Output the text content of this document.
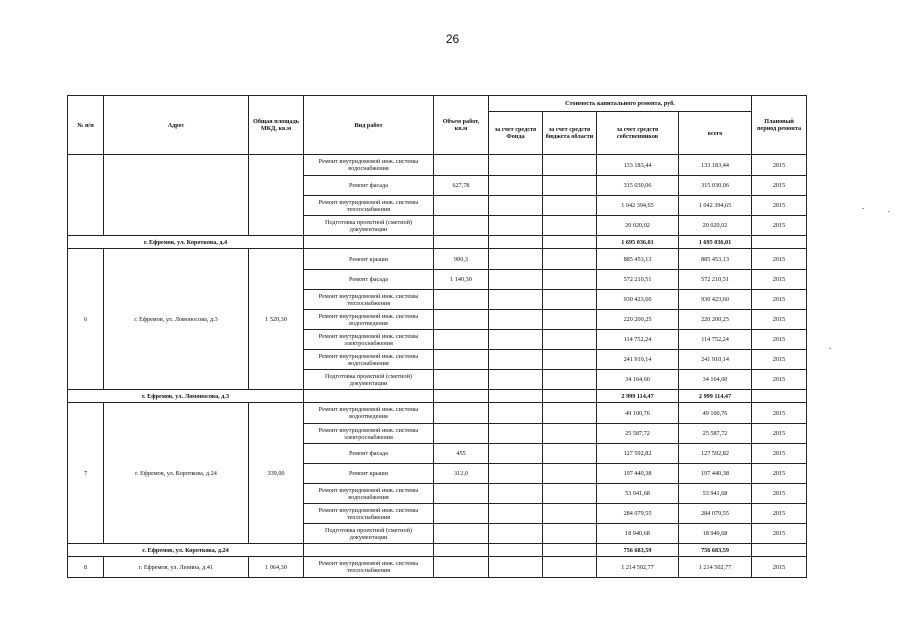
26
№ п/п	Адрес	Общая площадь МКД, кв.м	Вид работ	Объем работ, кв.м	Стоимость капитального ремонта, руб.				Плановый период ремонта
					за счет средств Фонда	за счет средств бюджета области	за счет средств собственников	всего	
			Ремонт внутридомовой инж. системы водоснабжения				133 183,44	133 183,44	2015
			Ремонт фасада	627,78			315 030,06	315 030,06	2015
			Ремонт внутридомовой инж. системы теплоснабжения				1 042 394,65	1 042 394,65	2015
			Подготовка проектной (сметной) документации				20 020,02	20 020,02	2015
г. Ефремов, ул. Короткова, д.4							1 695 036,01	1 695 036,01	
6	г. Ефремов, ул. Ломоносова, д.3	1 520,30	Ремонт крыши	900,3			885 453,13	885 453,13	2015
			Ремонт фасада	1 140,30			572 210,51	572 210,51	2015
			Ремонт внутридомовой инж. системы теплоснабжения				930 423,60	930 423,60	2015
			Ремонт внутридомовой инж. системы водоотведения				220 200,25	220 200,25	2015
			Ремонт внутридомовой инж. системы электроснабжения				114 752,24	114 752,24	2015
			Ремонт внутридомовой инж. системы водоснабжения				241 910,14	241 910,14	2015
			Подготовка проектной (сметной) документации				34 164,60	34 164,60	2015
г. Ефремов, ул. Ломоносова, д.3							2 999 114,47	2 999 114,47	
7	г. Ефремов, ул. Короткова, д.24	339,00	Ремонт внутридомовой инж. системы водоотведения				49 100,76	49 100,76	2015
			Ремонт внутридомовой инж. системы электроснабжения				25 587,72	25 587,72	2015
			Ремонт фасада	455			127 592,82	127 592,82	2015
			Ремонт крыши	312,0			197 440,38	197 440,38	2015
			Ремонт внутридомовой инж. системы водоснабжения				53 941,68	53 941,68	2015
			Ремонт внутридомовой инж. системы теплоснабжения				284 079,55	284 079,55	2015
			Подготовка проектной (сметной) документации				18 940,68	18 940,68	2015
г. Ефремов, ул. Короткова, д.24							756 683,59	756 683,59	
8	г. Ефремов, ул. Ленина, д.41	1 064,30	Ремонт внутридомовой инж. системы теплоснабжения				1 214 502,77	1 214 502,77	2015
